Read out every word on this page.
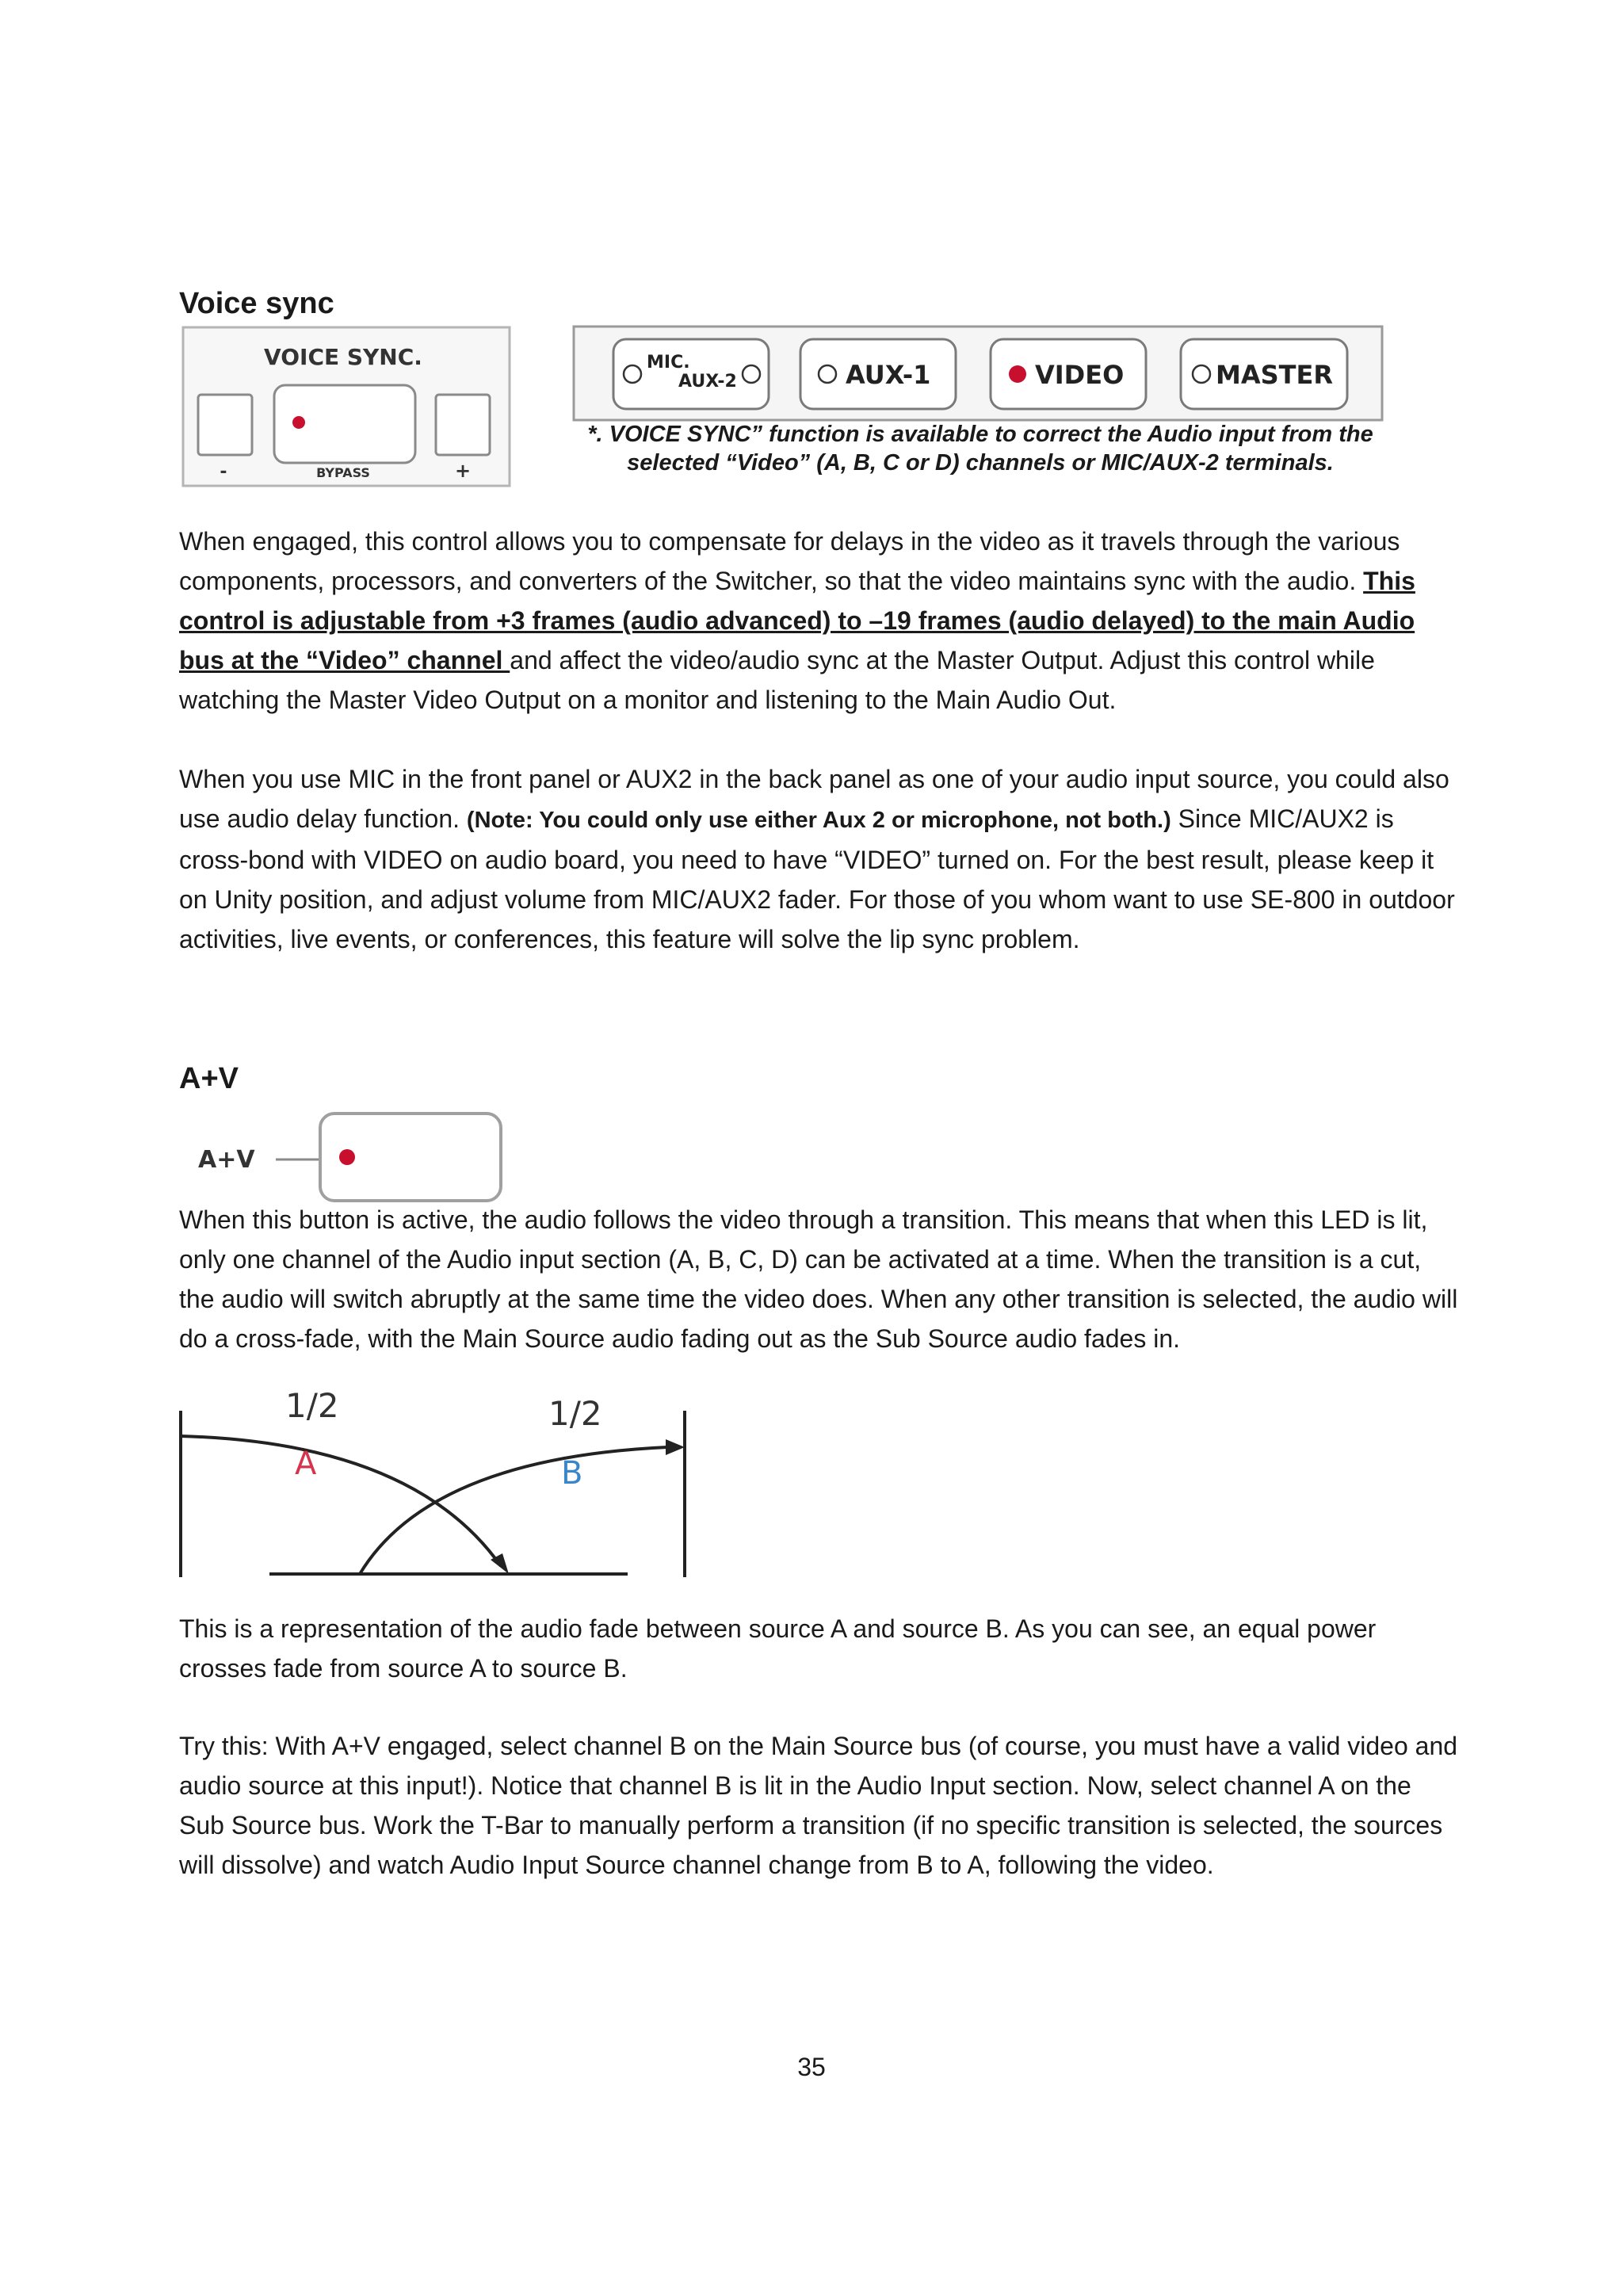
Voice sync
VOICE SYNC.
-	BYPASS	+
MIC.
AUX-2	AUX-1	VIDEO	MASTER

*. VOICE SYNC” function is available to correct the Audio input from the
selected “Video” (A, B, C or D) channels or MIC/AUX-2 terminals.

When engaged, this control allows you to compensate for delays in the video as it travels through the various components, processors, and converters of the Switcher, so that the video maintains sync with the audio. This control is adjustable from +3 frames (audio advanced) to –19 frames (audio delayed) to the main Audio bus at the “Video” channel and affect the video/audio sync at the Master Output. Adjust this control while watching the Master Video Output on a monitor and listening to the Main Audio Out.

When you use MIC in the front panel or AUX2 in the back panel as one of your audio input source, you could also use audio delay function. (Note: You could only use either Aux 2 or microphone, not both.) Since MIC/AUX2 is cross-bond with VIDEO on audio board, you need to have “VIDEO” turned on. For the best result, please keep it on Unity position, and adjust volume from MIC/AUX2 fader. For those of you whom want to use SE-800 in outdoor activities, live events, or conferences, this feature will solve the lip sync problem.

A+V
A+V

When this button is active, the audio follows the video through a transition. This means that when this LED is lit, only one channel of the Audio input section (A, B, C, D) can be activated at a time. When the transition is a cut, the audio will switch abruptly at the same time the video does. When any other transition is selected, the audio will do a cross-fade, with the Main Source audio fading out as the Sub Source audio fades in.

1/2	1/2
A	B

This is a representation of the audio fade between source A and source B. As you can see, an equal power crosses fade from source A to source B.

Try this: With A+V engaged, select channel B on the Main Source bus (of course, you must have a valid video and audio source at this input!). Notice that channel B is lit in the Audio Input section. Now, select channel A on the Sub Source bus. Work the T-Bar to manually perform a transition (if no specific transition is selected, the sources will dissolve) and watch Audio Input Source channel change from B to A, following the video.

35
